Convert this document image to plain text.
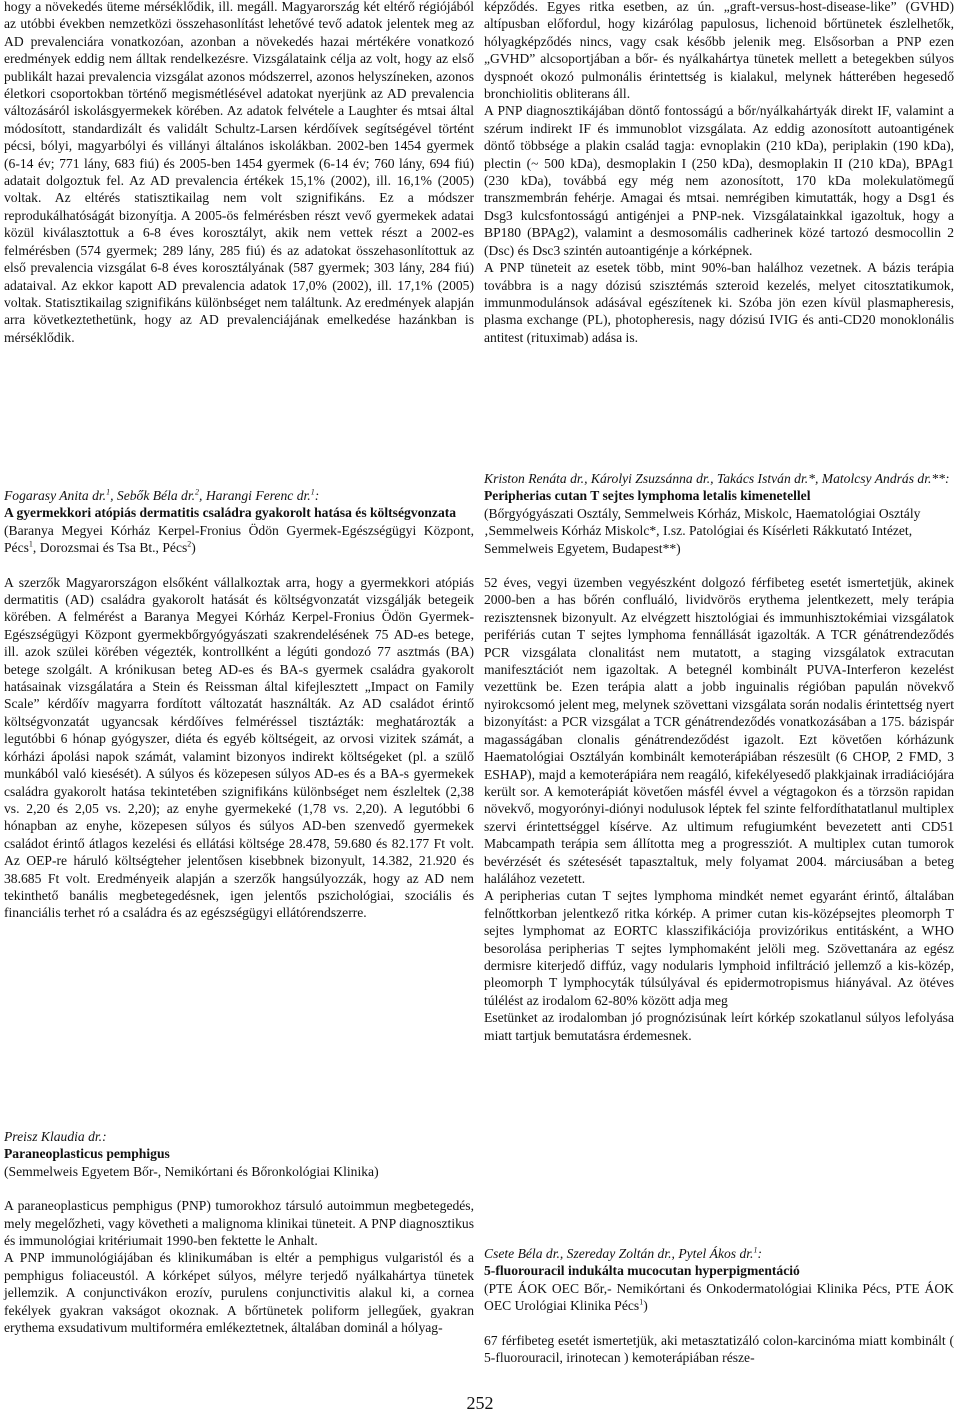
hogy a növekedés üteme mérséklődik, ill. megáll. Magyarország két eltérő régiójából az utóbbi években nemzetközi összehasonlítást lehetővé tevő adatok jelentek meg az AD prevalenciára vonatkozóan, azonban a növekedés hazai mértékére vonatkozó eredmények eddig nem álltak rendelkezésre. Vizsgálataink célja az volt, hogy az első publikált hazai prevalencia vizsgálat azonos módszerrel, azonos helyszíneken, azonos életkori csoportokban történő megismétlésével adatokat nyerjünk az AD prevalencia változásáról iskolásgyermekek körében. Az adatok felvétele a Laughter és mtsai által módosított, standardizált és validált Schultz-Larsen kérdőívek segítségével történt pécsi, bólyi, magyarbólyi és villányi általános iskolákban. 2002-ben 1454 gyermek (6-14 év; 771 lány, 683 fiú) és 2005-ben 1454 gyermek (6-14 év; 760 lány, 694 fiú) adatait dolgoztuk fel. Az AD prevalencia értékek 15,1% (2002), ill. 16,1% (2005) voltak. Az eltérés statisztikailag nem volt szignifikáns. Ez a módszer reprodukálhatóságát bizonyítja. A 2005-ös felmérésben részt vevő gyermekek adatai közül kiválasztottuk a 6-8 éves korosztályt, akik nem vettek részt a 2002-es felmérésben (574 gyermek; 289 lány, 285 fiú) és az adatokat összehasonlítottuk az első prevalencia vizsgálat 6-8 éves korosztályának (587 gyermek; 303 lány, 284 fiú) adataival. Az ekkor kapott AD prevalencia adatok 17,0% (2002), ill. 17,1% (2005) voltak. Statisztikailag szignifikáns különbséget nem találtunk. Az eredmények alapján arra következtethetünk, hogy az AD prevalenciájának emelkedése hazánkban is mérséklődik.

Fogarasy Anita dr.$^1$, Sebők Béla dr.$^2$, Harangi Ferenc dr.$^1$:

A gyermekkori atópiás dermatitis családra gyakorolt hatása és költségvonzata

(Baranya Megyei Kórház Kerpel-Fronius Ödön Gyermek-Egészségügyi Központ, Pécs$^1$, Dorozsmai és Tsa Bt., Pécs$^2$)

A szerzők Magyarországon elsőként vállalkoztak arra, hogy a gyermekkori atópiás dermatitis (AD) családra gyakorolt hatását és költségvonzatát vizsgálják betegeik körében. A felmérést a Baranya Megyei Kórház Kerpel-Fronius Ödön Gyermek-Egészségügyi Központ gyermekbőrgyógyászati szakrendelésének 75 AD-es betege, ill. azok szülei körében végezték, kontrollként a légúti gondozó 77 asztmás (BA) betege szolgált. A krónikusan beteg AD-es és BA-s gyermek családra gyakorolt hatásainak vizsgálatára a Stein és Reissman által kifejlesztett „Impact on Family Scale” kérdőív magyarra fordított változatát használták. Az AD családot érintő költségvonzatát ugyancsak kérdőíves felméréssel tisztázták: meghatározták a legutóbbi 6 hónap gyógyszer, diéta és egyéb költségeit, az orvosi vizitek számát, a kórházi ápolási napok számát, valamint bizonyos indirekt költségeket (pl. a szülő munkából való kiesését). A súlyos és közepesen súlyos AD-es és a BA-s gyermekek családra gyakorolt hatása tekintetében szignifikáns különbséget nem észleltek (2,38 vs. 2,20 és 2,05 vs. 2,20); az enyhe gyermekeké (1,78 vs. 2,20). A legutóbbi 6 hónapban az enyhe, közepesen súlyos és súlyos AD-ben szenvedő gyermekek családot érintő átlagos kezelési és ellátási költsége 28.478, 59.680 és 82.177 Ft volt. Az OEP-re háruló költségteher jelentősen kisebbnek bizonyult, 14.382, 21.920 és 38.685 Ft volt. Eredményeik alapján a szerzők hangsúlyozzák, hogy az AD nem tekinthető banális megbetegedésnek, igen jelentős pszichológiai, szociális és financiális terhet ró a családra és az egészségügyi ellátórendszerre.

Preisz Klaudia dr.:

Paraneoplasticus pemphigus

(Semmelweis Egyetem Bőr-, Nemikórtani és Bőronkológiai Klinika)

A paraneoplasticus pemphigus (PNP) tumorokhoz társuló autoimmun megbetegedés, mely megelőzheti, vagy követheti a malignoma klinikai tüneteit. A PNP diagnosztikus és immunológiai kritériumait 1990-ben fektette le Anhalt.

A PNP immunológiájában és klinikumában is eltér a pemphigus vulgaristól és a pemphigus foliaceustól. A kórképet súlyos, mélyre terjedő nyálkahártya tünetek jellemzik. A conjunctivákon erozív, purulens conjunctivitis alakul ki, a cornea fekélyek gyakran vakságot okoznak. A bőrtünetek poliform jellegűek, gyakran erythema exsudativum multiforméra emlékeztetnek, általában dominál a hólyag-

képződés. Egyes ritka esetben, az ún. „graft-versus-host-disease-like” (GVHD) altípusban előfordul, hogy kizárólag papulosus, lichenoid bőrtünetek észlelhetők, hólyagképződés nincs, vagy csak később jelenik meg. Elsősorban a PNP ezen „GVHD” alcsoportjában a bőr- és nyálkahártya tünetek mellett a betegekben súlyos dyspnoét okozó pulmonális érintettség is kialakul, melynek hátterében hegesedő bronchiolitis obliterans áll.

A PNP diagnosztikájában döntő fontosságú a bőr/nyálkahártyák direkt IF, valamint a szérum indirekt IF és immunoblot vizsgálata. Az eddig azonosított autoantigének döntő többsége a plakin család tagja: evnoplakin (210 kDa), periplakin (190 kDa), plectin (~ 500 kDa), desmoplakin I (250 kDa), desmoplakin II (210 kDa), BPAg1 (230 kDa), továbbá egy még nem azonosított, 170 kDa molekulatömegű transzmembrán fehérje. Amagai és mtsai. nemrégiben kimutatták, hogy a Dsg1 és Dsg3 kulcsfontosságú antigénjei a PNP-nek. Vizsgálatainkkal igazoltuk, hogy a BP180 (BPAg2), valamint a desmosomális cadherinek közé tartozó desmocollin 2 (Dsc) és Dsc3 szintén autoantigénje a kórképnek.

A PNP tüneteit az esetek több, mint 90%-ban halálhoz vezetnek. A bázis terápia továbbra is a nagy dózisú szisztémás szteroid kezelés, melyet citosztatikumok, immunmodulánsok adásával egészítenek ki. Szóba jön ezen kívül plasmapheresis, plasma exchange (PL), photopheresis, nagy dózisú IVIG és anti-CD20 monoklonális antitest (rituximab) adása is.

Kriston Renáta dr., Károlyi Zsuzsánna dr., Takács István dr.*, Matolcsy András dr.**:

Peripherias cutan T sejtes lymphoma letalis kimenetellel

(Bőrgyógyászati Osztály, Semmelweis Kórház, Miskolc, Haematológiai Osztály ‚Semmelweis Kórház Miskolc*, I.sz. Patológiai és Kísérleti Rákkutató Intézet, Semmelweis Egyetem, Budapest**)

52 éves, vegyi üzemben vegyészként dolgozó férfibeteg esetét ismertetjük, akinek 2000-ben a has bőrén confluáló, lividvörös erythema jelentkezett, mely terápia rezisztensnek bizonyult. Az elvégzett hisztológiai és immunhisztokémiai vizsgálatok perifériás cutan T sejtes lymphoma fennállását igazolták. A TCR génátrendeződés PCR vizsgálata clonalitást nem mutatott, a staging vizsgálatok extracutan manifesztációt nem igazoltak. A betegnél kombinált PUVA-Interferon kezelést vezettünk be. Ezen terápia alatt a jobb inguinalis régióban papulán növekvő nyirokcsomó jelent meg, melynek szövettani vizsgálata során nodalis érintettség nyert bizonyítást: a PCR vizsgálat a TCR génátrendeződés vonatkozásában a 175. bázispár magasságában clonalis génátrendeződést igazolt. Ezt követően kórházunk Haematológiai Osztályán kombinált kemoterápiában részesült (6 CHOP, 2 FMD, 3 ESHAP), majd a kemoterápiára nem reagáló, kifekélyesedő plakkjainak irradiációjára került sor. A kemoterápiát követően másfél évvel a végtagokon és a törzsön rapidan növekvő, mogyorónyi-diónyi nodulusok léptek fel szinte felfordíthatatlanul multiplex szervi érintettséggel kísérve. Az ultimum refugiumként bevezetett anti CD51 Mabcampath terápia sem állította meg a progressziót. A multiplex cutan tumorok bevérzését és szétesését tapasztaltuk, mely folyamat 2004. márciusában a beteg halálához vezetett.

A peripherias cutan T sejtes lymphoma mindkét nemet egyaránt érintő, általában felnőttkorban jelentkező ritka kórkép. A primer cutan kis-középsejtes pleomorph T sejtes lymphomat az EORTC klasszifikációja provizórikus entitásként, a WHO besorolása peripherias T sejtes lymphomaként jelöli meg. Szövettanára az egész dermisre kiterjedő diffúz, vagy nodularis lymphoid infiltráció jellemző a kis-közép, pleomorph T lymphocyták túlsúlyával és epidermotropismus hiányával. Az ötéves túlélést az irodalom 62-80% között adja meg

Esetünket az irodalomban jó prognózisúnak leírt kórkép szokatlanul súlyos lefolyása miatt tartjuk bemutatásra érdemesnek.

Csete Béla dr., Szereday Zoltán dr., Pytel Ákos dr.$^1$:

5-fluorouracil indukálta mucocutan hyperpigmentáció

(PTE ÁOK OEC Bőr,- Nemikórtani és Onkodermatológiai Klinika Pécs, PTE ÁOK OEC Urológiai Klinika Pécs$^1$)

67 férfibeteg esetét ismertetjük, aki metasztatizáló colon-karcinóma miatt kombinált ( 5-fluorouracil, irinotecan ) kemoterápiában része-

252
